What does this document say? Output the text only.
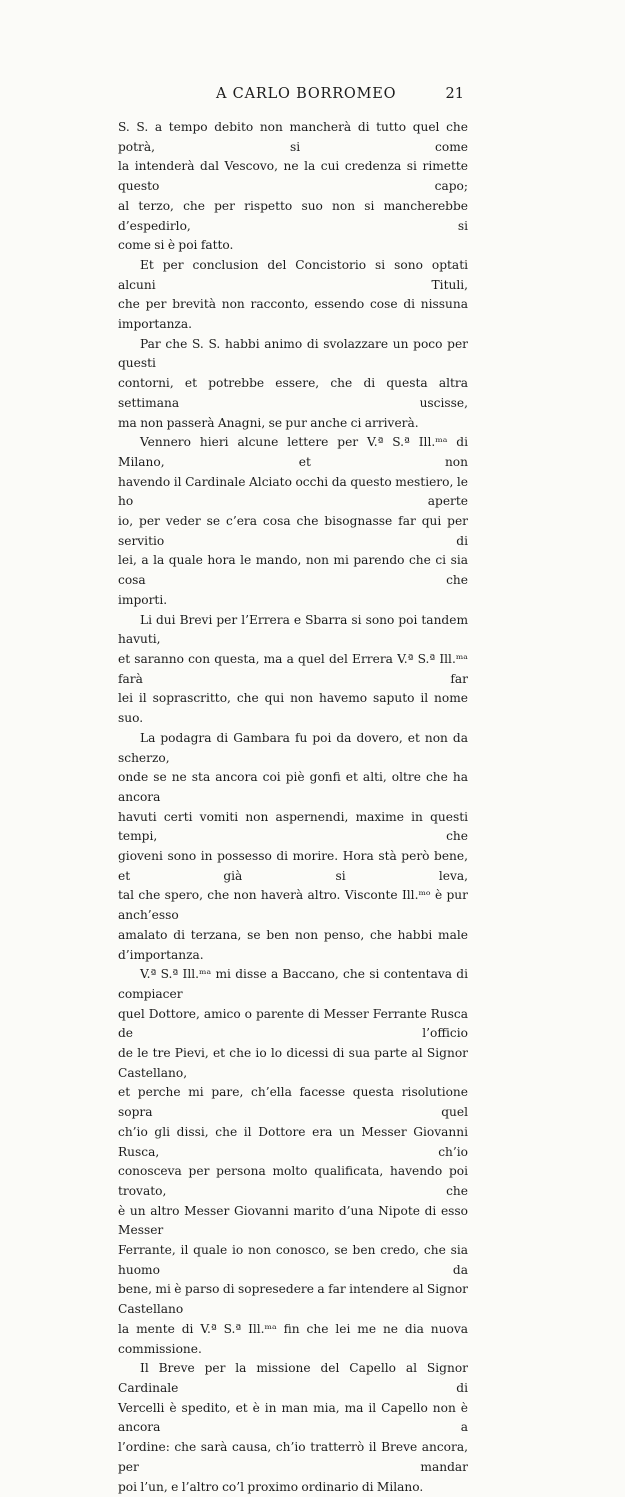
A CARLO BORROMEO	21

S. S. a tempo debito non mancherà di tutto quel che potrà, si come

la intenderà dal Vescovo, ne la cui credenza si rimette questo capo;

al terzo, che per rispetto suo non si mancherebbe d’espedirlo, si

come si è poi fatto.

Et per conclusion del Concistorio si sono optati alcuni Tituli,

che per brevità non racconto, essendo cose di nissuna importanza.

Par che S. S. habbi animo di svolazzare un poco per questi

contorni, et potrebbe essere, che di questa altra settimana uscisse,

ma non passerà Anagni, se pur anche ci arriverà.

Vennero hieri alcune lettere per V.ª S.ª Ill.ᵐᵃ di Milano, et non

havendo il Cardinale Alciato occhi da questo mestiero, le ho aperte

io, per veder se c’era cosa che bisognasse far qui per servitio di

lei, a la quale hora le mando, non mi parendo che ci sia cosa che

importi.

Li dui Brevi per l’Errera e Sbarra si sono poi tandem havuti,

et saranno con questa, ma a quel del Errera V.ª S.ª Ill.ᵐᵃ farà far

lei il soprascritto, che qui non havemo saputo il nome suo.

La podagra di Gambara fu poi da dovero, et non da scherzo,

onde se ne sta ancora coi piè gonfi et alti, oltre che ha ancora

havuti certi vomiti non aspernendi, maxime in questi tempi, che

gioveni sono in possesso di morire. Hora stà però bene, et già si leva,

tal che spero, che non haverà altro. Visconte Ill.ᵐᵒ è pur anch’esso

amalato di terzana, se ben non penso, che habbi male d’importanza.

V.ª S.ª Ill.ᵐᵃ mi disse a Baccano, che si contentava di compiacer

quel Dottore, amico o parente di Messer Ferrante Rusca de l’officio

de le tre Pievi, et che io lo dicessi di sua parte al Signor Castellano,

et perche mi pare, ch’ella facesse questa risolutione sopra quel

ch’io gli dissi, che il Dottore era un Messer Giovanni Rusca, ch’io

conosceva per persona molto qualificata, havendo poi trovato, che

è un altro Messer Giovanni marito d’una Nipote di esso Messer

Ferrante, il quale io non conosco, se ben credo, che sia huomo da

bene, mi è parso di sopresedere a far intendere al Signor Castellano

la mente di V.ª S.ª Ill.ᵐᵃ fin che lei me ne dia nuova commissione.

Il Breve per la missione del Capello al Signor Cardinale di

Vercelli è spedito, et è in man mia, ma il Capello non è ancora a

l’ordine: che sarà causa, ch’io tratterrò il Breve ancora, per mandar

poi l’un, e l’altro co’l proximo ordinario di Milano.
